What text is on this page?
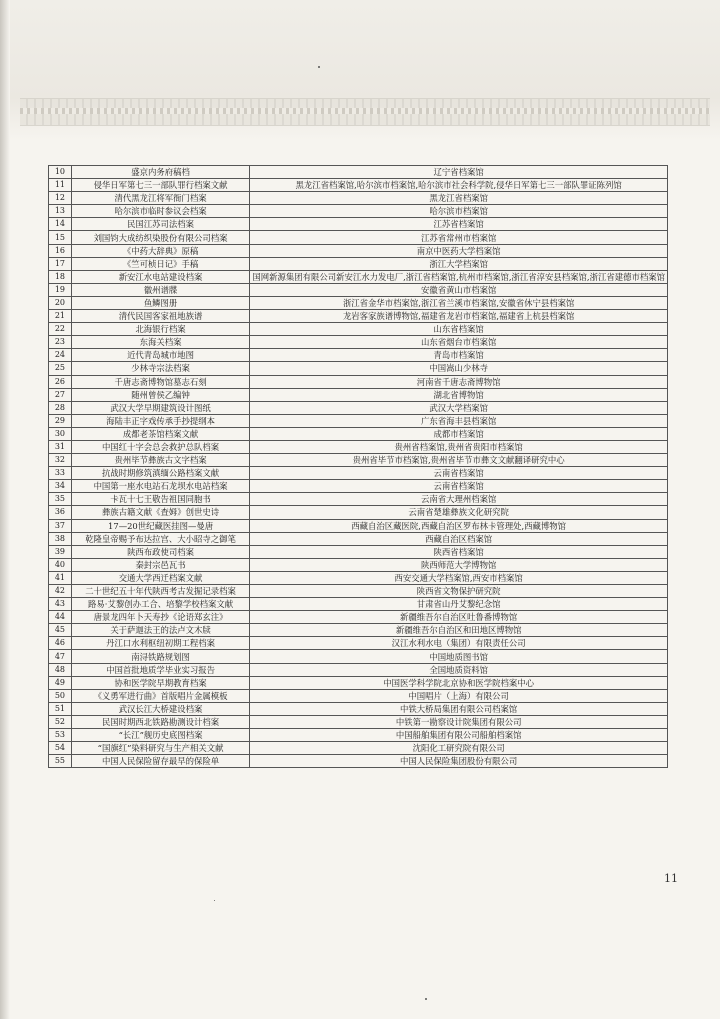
10	盛京内务府稿档	辽宁省档案馆
11	侵华日军第七三一部队罪行档案文献	黑龙江省档案馆,哈尔滨市档案馆,哈尔滨市社会科学院,侵华日军第七三一部队罪证陈列馆
12	清代黑龙江将军衙门档案	黑龙江省档案馆
13	哈尔滨市临时参议会档案	哈尔滨市档案馆
14	民国江苏司法档案	江苏省档案馆
15	刘国钧大成纺织染股份有限公司档案	江苏省常州市档案馆
16	《中药大辞典》原稿	南京中医药大学档案馆
17	《竺可桢日记》手稿	浙江大学档案馆
18	新安江水电站建设档案	国网新源集团有限公司新安江水力发电厂,浙江省档案馆,杭州市档案馆,浙江省淳安县档案馆,浙江省建德市档案馆
19	徽州谱牒	安徽省黄山市档案馆
20	鱼鳞图册	浙江省金华市档案馆,浙江省兰溪市档案馆,安徽省休宁县档案馆
21	清代民国客家祖地族谱	龙岩客家族谱博物馆,福建省龙岩市档案馆,福建省上杭县档案馆
22	北海银行档案	山东省档案馆
23	东海关档案	山东省烟台市档案馆
24	近代青岛城市地图	青岛市档案馆
25	少林寺宗法档案	中国嵩山少林寺
26	千唐志斋博物馆墓志石刻	河南省千唐志斋博物馆
27	随州曾侯乙编钟	湖北省博物馆
28	武汉大学早期建筑设计图纸	武汉大学档案馆
29	海陆丰正字戏传承手抄提纲本	广东省海丰县档案馆
30	成都老茶馆档案文献	成都市档案馆
31	中国红十字会总会救护总队档案	贵州省档案馆,贵州省贵阳市档案馆
32	贵州毕节彝族古文字档案	贵州省毕节市档案馆,贵州省毕节市彝文文献翻译研究中心
33	抗战时期修筑滇缅公路档案文献	云南省档案馆
34	中国第一座水电站石龙坝水电站档案	云南省档案馆
35	卡瓦十七王敬告祖国同胞书	云南省大理州档案馆
36	彝族古籍文献《査姆》创世史诗	云南省楚雄彝族文化研究院
37	17—20世纪藏医挂图—曼唐	西藏自治区藏医院,西藏自治区罗布林卡管理处,西藏博物馆
38	乾隆皇帝赐予布达拉宫、大小昭寺之御笔	西藏自治区档案馆
39	陕西布政使司档案	陕西省档案馆
40	秦封宗邑瓦书	陕西师范大学博物馆
41	交通大学西迁档案文献	西安交通大学档案馆,西安市档案馆
42	二十世纪五十年代陕西考古发掘记录档案	陕西省文物保护研究院
43	路易·艾黎创办工合、培黎学校档案文献	甘肃省山丹艾黎纪念馆
44	唐景龙四年卜天寿抄《论语郑玄注》	新疆维吾尔自治区吐鲁番博物馆
45	关于萨迦法王的法卢文木牍	新疆维吾尔自治区和田地区博物馆
46	丹江口水利枢纽初期工程档案	汉江水利水电（集团）有限责任公司
47	南浔铁路规划图	中国地质图书馆
48	中国首批地质学毕业实习报告	全国地质资料馆
49	协和医学院早期教育档案	中国医学科学院北京协和医学院档案中心
50	《义勇军进行曲》首版唱片金属模板	中国唱片（上海）有限公司
51	武汉长江大桥建设档案	中铁大桥局集团有限公司档案馆
52	民国时期西北铁路勘测设计档案	中铁第一勘察设计院集团有限公司
53	“长江”舰历史底图档案	中国船舶集团有限公司船舶档案馆
54	“国旗红”染料研究与生产相关文献	沈阳化工研究院有限公司
55	中国人民保险留存最早的保险单	中国人民保险集团股份有限公司
11
